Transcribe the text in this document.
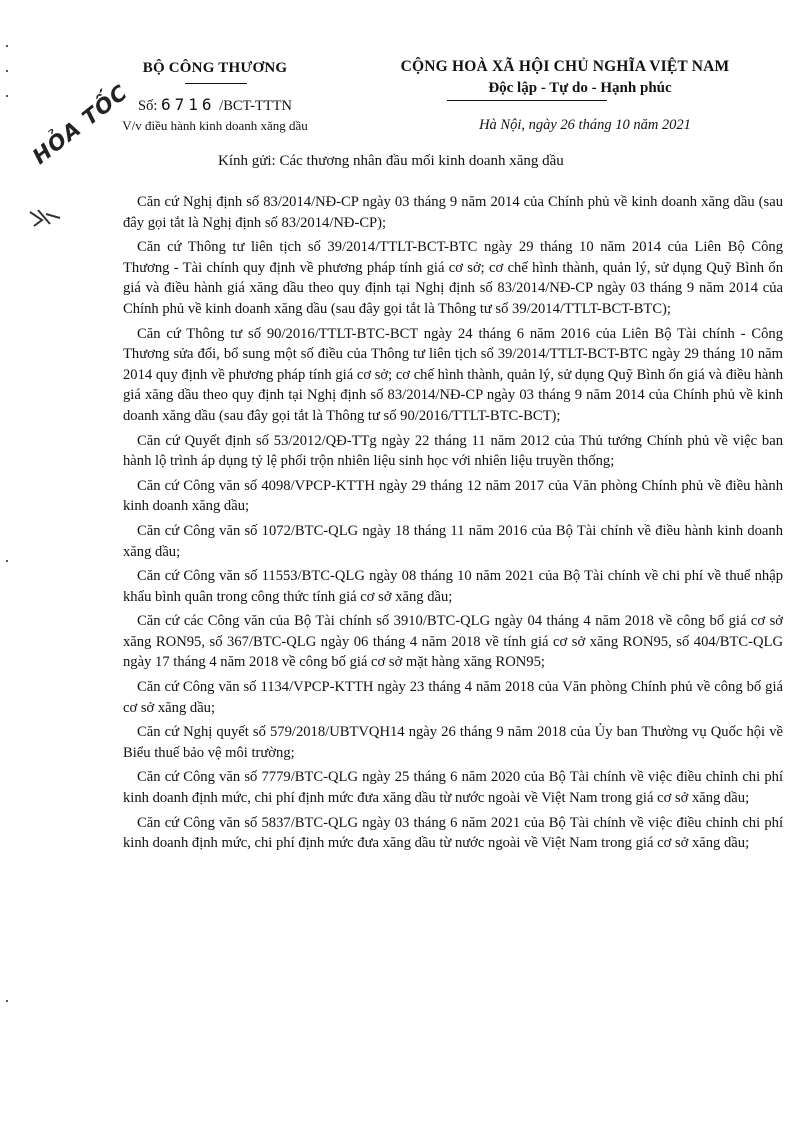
BỘ CÔNG THƯƠNG
Số: 6716 /BCT-TTTN
V/v điều hành kinh doanh xăng dầu
CỘNG HOÀ XÃ HỘI CHỦ NGHĨA VIỆT NAM
Độc lập - Tự do - Hạnh phúc
Hà Nội, ngày 26 tháng 10 năm 2021
HỎA TỐC	Kính gửi: Các thương nhân đầu mối kinh doanh xăng dầu

Căn cứ Nghị định số 83/2014/NĐ-CP ngày 03 tháng 9 năm 2014 của Chính phủ về kinh doanh xăng dầu (sau đây gọi tắt là Nghị định số 83/2014/NĐ-CP);

Căn cứ Thông tư liên tịch số 39/2014/TTLT-BCT-BTC ngày 29 tháng 10 năm 2014 của Liên Bộ Công Thương - Tài chính quy định về phương pháp tính giá cơ sở; cơ chế hình thành, quản lý, sử dụng Quỹ Bình ổn giá và điều hành giá xăng dầu theo quy định tại Nghị định số 83/2014/NĐ-CP ngày 03 tháng 9 năm 2014 của Chính phủ về kinh doanh xăng dầu (sau đây gọi tắt là Thông tư số 39/2014/TTLT-BCT-BTC);

Căn cứ Thông tư số 90/2016/TTLT-BTC-BCT ngày 24 tháng 6 năm 2016 của Liên Bộ Tài chính - Công Thương sửa đổi, bổ sung một số điều của Thông tư liên tịch số 39/2014/TTLT-BCT-BTC ngày 29 tháng 10 năm 2014 quy định về phương pháp tính giá cơ sở; cơ chế hình thành, quản lý, sử dụng Quỹ Bình ổn giá và điều hành giá xăng dầu theo quy định tại Nghị định số 83/2014/NĐ-CP ngày 03 tháng 9 năm 2014 của Chính phủ về kinh doanh xăng dầu (sau đây gọi tắt là Thông tư số 90/2016/TTLT-BTC-BCT);

Căn cứ Quyết định số 53/2012/QĐ-TTg ngày 22 tháng 11 năm 2012 của Thủ tướng Chính phủ về việc ban hành lộ trình áp dụng tỷ lệ phối trộn nhiên liệu sinh học với nhiên liệu truyền thống;

Căn cứ Công văn số 4098/VPCP-KTTH ngày 29 tháng 12 năm 2017 của Văn phòng Chính phủ về điều hành kinh doanh xăng dầu;

Căn cứ Công văn số 1072/BTC-QLG ngày 18 tháng 11 năm 2016 của Bộ Tài chính về điều hành kinh doanh xăng dầu;

Căn cứ Công văn số 11553/BTC-QLG ngày 08 tháng 10 năm 2021 của Bộ Tài chính về chi phí về thuế nhập khẩu bình quân trong công thức tính giá cơ sở xăng dầu;

Căn cứ các Công văn của Bộ Tài chính số 3910/BTC-QLG ngày 04 tháng 4 năm 2018 về công bố giá cơ sở xăng RON95, số 367/BTC-QLG ngày 06 tháng 4 năm 2018 về tính giá cơ sở xăng RON95, số 404/BTC-QLG ngày 17 tháng 4 năm 2018 về công bố giá cơ sở mặt hàng xăng RON95;

Căn cứ Công văn số 1134/VPCP-KTTH ngày 23 tháng 4 năm 2018 của Văn phòng Chính phủ về công bố giá cơ sở xăng dầu;

Căn cứ Nghị quyết số 579/2018/UBTVQH14 ngày 26 tháng 9 năm 2018 của Ủy ban Thường vụ Quốc hội về Biểu thuế bảo vệ môi trường;

Căn cứ Công văn số 7779/BTC-QLG ngày 25 tháng 6 năm 2020 của Bộ Tài chính về việc điều chỉnh chi phí kinh doanh định mức, chi phí định mức đưa xăng dầu từ nước ngoài về Việt Nam trong giá cơ sở xăng dầu;

Căn cứ Công văn số 5837/BTC-QLG ngày 03 tháng 6 năm 2021 của Bộ Tài chính về việc điều chỉnh chi phí kinh doanh định mức, chi phí định mức đưa xăng dầu từ nước ngoài về Việt Nam trong giá cơ sở xăng dầu;
